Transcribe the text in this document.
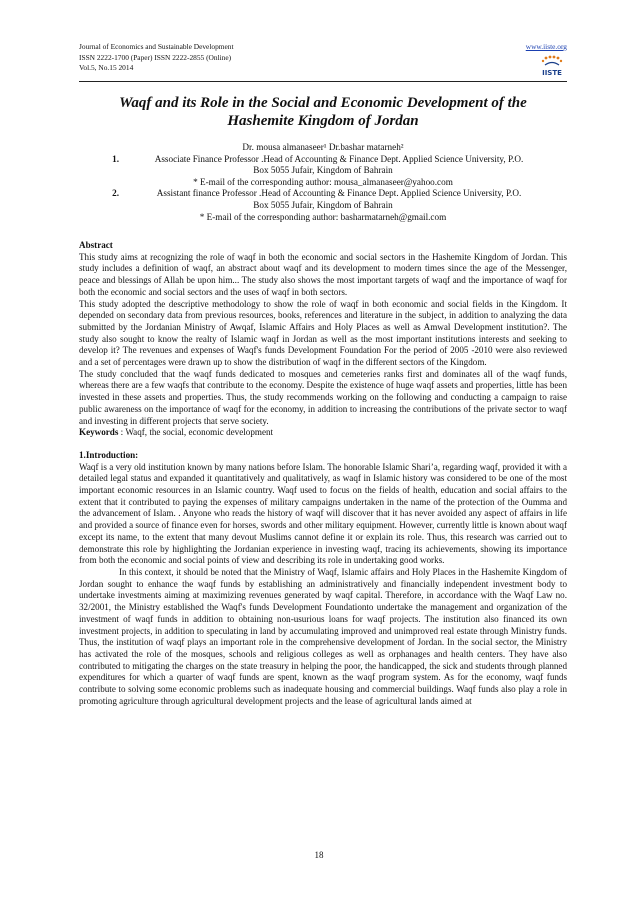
Journal of Economics and Sustainable Development
ISSN 2222-1700 (Paper) ISSN 2222-2855 (Online)
Vol.5, No.15 2014
www.iiste.org
IISTE
Waqf and its Role in the Social and Economic Development of the
Hashemite Kingdom of Jordan
Dr. mousa almanaseer¹ Dr.bashar matarneh²
1.	Associate Finance Professor .Head of Accounting & Finance Dept. Applied Science University, P.O.
Box 5055 Jufair, Kingdom of Bahrain
* E-mail of the corresponding author: mousa_almanaseer@yahoo.com
2.	Assistant finance Professor .Head of Accounting & Finance Dept. Applied Science University, P.O.
Box 5055 Jufair, Kingdom of Bahrain
* E-mail of the corresponding author: basharmatarneh@gmail.com

Abstract

This study aims at recognizing the role of waqf in both the economic and social sectors in the Hashemite Kingdom of Jordan. This study includes a definition of waqf, an abstract about waqf and its development to modern times since the age of the Messenger, peace and blessings of Allah be upon him... The study also shows the most important targets of waqf and the importance of waqf for both the economic and social sectors and the uses of waqf in both sectors.

This study adopted the descriptive methodology to show the role of waqf in both economic and social fields in the Kingdom. It depended on secondary data from previous resources, books, references and literature in the subject, in addition to analyzing the data submitted by the Jordanian Ministry of Awqaf, Islamic Affairs and Holy Places as well as Amwal Development institution?. The study also sought to know the realty of Islamic waqf in Jordan as well as the most important institutions interests and seeking to develop it? The revenues and expenses of Waqf's funds Development Foundation For the period of 2005 -2010 were also reviewed and a set of percentages were drawn up to show the distribution of waqf in the different sectors of the Kingdom.

The study concluded that the waqf funds dedicated to mosques and cemeteries ranks first and dominates all of the waqf funds, whereas there are a few waqfs that contribute to the economy. Despite the existence of huge waqf assets and properties, little has been invested in these assets and properties. Thus, the study recommends working on the following and conducting a campaign to raise public awareness on the importance of waqf for the economy, in addition to increasing the contributions of the private sector to waqf and investing in different projects that serve society.

Keywords : Waqf, the social, economic development

1.Introduction:

Waqf is a very old institution known by many nations before Islam. The honorable Islamic Shari’a, regarding waqf, provided it with a detailed legal status and expanded it quantitatively and qualitatively, as waqf in Islamic history was considered to be one of the most important economic resources in an Islamic country. Waqf used to focus on the fields of health, education and social affairs to the extent that it contributed to paying the expenses of military campaigns undertaken in the name of the protection of the Oumma and the advancement of Islam. . Anyone who reads the history of waqf will discover that it has never avoided any aspect of affairs in life and provided a source of finance even for horses, swords and other military equipment. However, currently little is known about waqf except its name, to the extent that many devout Muslims cannot define it or explain its role. Thus, this research was carried out to demonstrate this role by highlighting the Jordanian experience in investing waqf, tracing its achievements, showing its importance from both the economic and social points of view and describing its role in undertaking good works.

In this context, it should be noted that the Ministry of Waqf, Islamic affairs and Holy Places in the Hashemite Kingdom of Jordan sought to enhance the waqf funds by establishing an administratively and financially independent investment body to undertake investments aiming at maximizing revenues generated by waqf capital. Therefore, in accordance with the Waqf Law no. 32/2001, the Ministry established the Waqf's funds Development Foundationto undertake the management and organization of the investment of waqf funds in addition to obtaining non-usurious loans for waqf projects. The institution also financed its own investment projects, in addition to speculating in land by accumulating improved and unimproved real estate through Ministry funds. Thus, the institution of waqf plays an important role in the comprehensive development of Jordan. In the social sector, the Ministry has activated the role of the mosques, schools and religious colleges as well as orphanages and health centers. They have also contributed to mitigating the charges on the state treasury in helping the poor, the handicapped, the sick and students through planned expenditures for which a quarter of waqf funds are spent, known as the waqf program system. As for the economy, waqf funds contribute to solving some economic problems such as inadequate housing and commercial buildings. Waqf funds also play a role in promoting agriculture through agricultural development projects and the lease of agricultural lands aimed at

18
